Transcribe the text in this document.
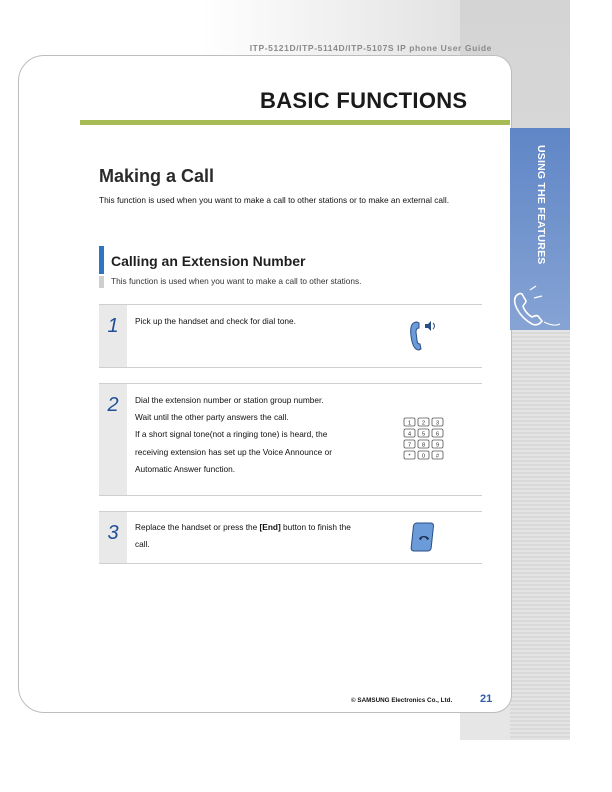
ITP-5121D/ITP-5114D/ITP-5107S IP phone User Guide
BASIC FUNCTIONS
USING THE FEATURES
Making a Call
This function is used when you want to make a call to other stations or to make an external call.
Calling an Extension Number
This function is used when you want to make a call to other stations.
1	Pick up the handset and check for dial tone.

2	Dial the extension number or station group number.

Wait until the other party answers the call.

If a short signal tone(not a ringing tone) is heard, the receiving extension has set up the Voice Announce or Automatic Answer function.

1 2 3
4 5 6
7 8 9
* 0 #
3	Replace the handset or press the [End] button to finish the call.

© SAMSUNG Electronics Co., Ltd.	21
